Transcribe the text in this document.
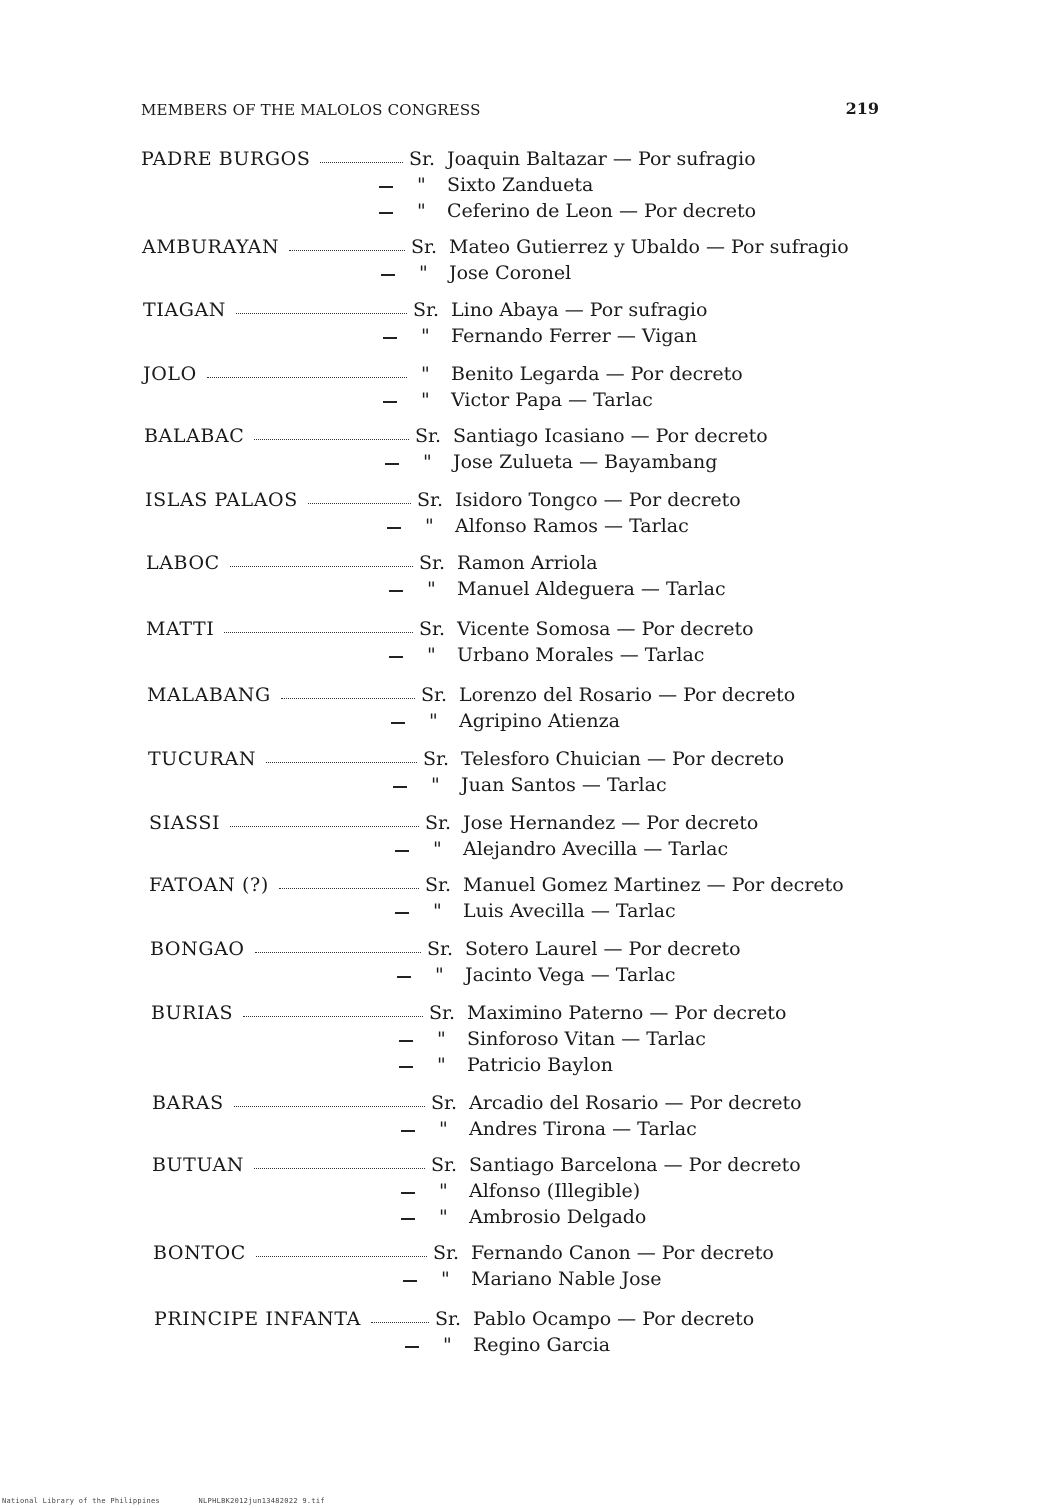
MEMBERS OF THE MALOLOS CONGRESS	219
PADRE BURGOS	Sr. Joaquin Baltazar — Por sufragio
" Sixto Zandueta
" Ceferino de Leon — Por decreto
AMBURAYAN	Sr. Mateo Gutierrez y Ubaldo — Por sufragio
" Jose Coronel
TIAGAN	Sr. Lino Abaya — Por sufragio
" Fernando Ferrer — Vigan
JOLO	" Benito Legarda — Por decreto
" Victor Papa — Tarlac
BALABAC	Sr. Santiago Icasiano — Por decreto
" Jose Zulueta — Bayambang
ISLAS PALAOS	Sr. Isidoro Tongco — Por decreto
" Alfonso Ramos — Tarlac
LABOC	Sr. Ramon Arriola
" Manuel Aldeguera — Tarlac
MATTI	Sr. Vicente Somosa — Por decreto
" Urbano Morales — Tarlac
MALABANG	Sr. Lorenzo del Rosario — Por decreto
" Agripino Atienza
TUCURAN	Sr. Telesforo Chuician — Por decreto
" Juan Santos — Tarlac
SIASSI	Sr. Jose Hernandez — Por decreto
" Alejandro Avecilla — Tarlac
FATOAN (?)	Sr. Manuel Gomez Martinez — Por decreto
" Luis Avecilla — Tarlac
BONGAO	Sr. Sotero Laurel — Por decreto
" Jacinto Vega — Tarlac
BURIAS	Sr. Maximino Paterno — Por decreto
" Sinforoso Vitan — Tarlac
" Patricio Baylon
BARAS	Sr. Arcadio del Rosario — Por decreto
" Andres Tirona — Tarlac
BUTUAN	Sr. Santiago Barcelona — Por decreto
" Alfonso (Illegible)
" Ambrosio Delgado
BONTOC	Sr. Fernando Canon — Por decreto
" Mariano Nable Jose
PRINCIPE INFANTA	Sr. Pablo Ocampo — Por decreto
" Regino Garcia
National Library of the Philippines	NLPHLBK2012jun13482022 9.tif
